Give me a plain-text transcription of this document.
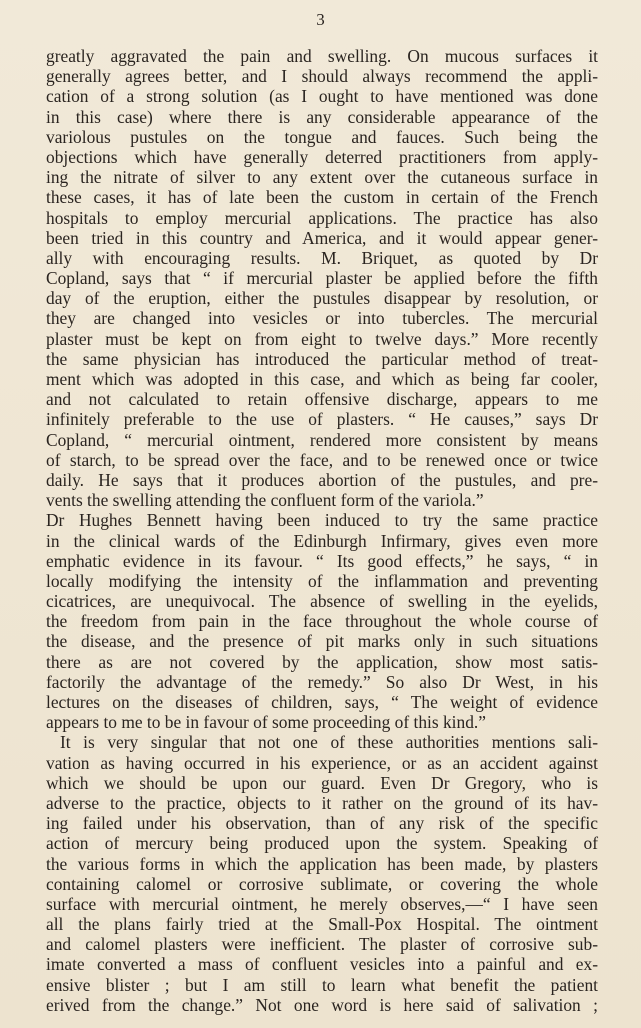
3
greatly aggravated the pain and swelling. On mucous surfaces it
generally agrees better, and I should always recommend the appli-
cation of a strong solution (as I ought to have mentioned was done
in this case) where there is any considerable appearance of the
variolous pustules on the tongue and fauces. Such being the
objections which have generally deterred practitioners from apply-
ing the nitrate of silver to any extent over the cutaneous surface in
these cases, it has of late been the custom in certain of the French
hospitals to employ mercurial applications. The practice has also
been tried in this country and America, and it would appear gener-
ally with encouraging results. M. Briquet, as quoted by Dr
Copland, says that “ if mercurial plaster be applied before the fifth
day of the eruption, either the pustules disappear by resolution, or
they are changed into vesicles or into tubercles. The mercurial
plaster must be kept on from eight to twelve days.” More recently
the same physician has introduced the particular method of treat-
ment which was adopted in this case, and which as being far cooler,
and not calculated to retain offensive discharge, appears to me
infinitely preferable to the use of plasters. “ He causes,” says Dr
Copland, “ mercurial ointment, rendered more consistent by means
of starch, to be spread over the face, and to be renewed once or twice
daily. He says that it produces abortion of the pustules, and pre-
vents the swelling attending the confluent form of the variola.”
Dr Hughes Bennett having been induced to try the same practice
in the clinical wards of the Edinburgh Infirmary, gives even more
emphatic evidence in its favour. “ Its good effects,” he says, “ in
locally modifying the intensity of the inflammation and preventing
cicatrices, are unequivocal. The absence of swelling in the eyelids,
the freedom from pain in the face throughout the whole course of
the disease, and the presence of pit marks only in such situations
there as are not covered by the application, show most satis-
factorily the advantage of the remedy.” So also Dr West, in his
lectures on the diseases of children, says, “ The weight of evidence
appears to me to be in favour of some proceeding of this kind.”
It is very singular that not one of these authorities mentions sali-
vation as having occurred in his experience, or as an accident against
which we should be upon our guard. Even Dr Gregory, who is
adverse to the practice, objects to it rather on the ground of its hav-
ing failed under his observation, than of any risk of the specific
action of mercury being produced upon the system. Speaking of
the various forms in which the application has been made, by plasters
containing calomel or corrosive sublimate, or covering the whole
surface with mercurial ointment, he merely observes,—“ I have seen
all the plans fairly tried at the Small-Pox Hospital. The ointment
and calomel plasters were inefficient. The plaster of corrosive sub-
imate converted a mass of confluent vesicles into a painful and ex-
ensive blister ; but I am still to learn what benefit the patient
erived from the change.” Not one word is here said of salivation ;
